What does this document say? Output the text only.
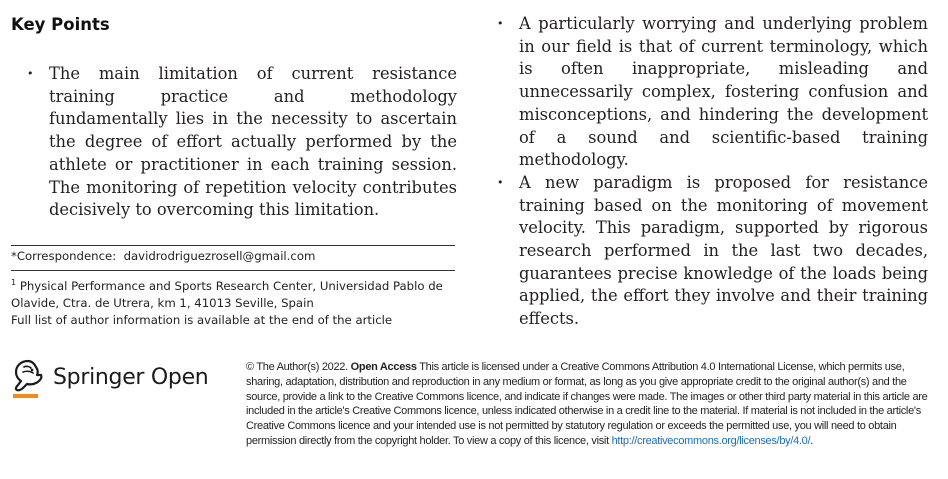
Key Points
• The main limitation of current resistance training practice and methodology fundamentally lies in the necessity to ascertain the degree of effort actually performed by the athlete or practitioner in each training session. The monitoring of repetition velocity contributes decisively to overcoming this limitation.
• A particularly worrying and underlying problem in our field is that of current terminology, which is often inappropriate, misleading and unnecessarily complex, fostering confusion and misconceptions, and hindering the development of a sound and scientific-based training methodology.
• A new paradigm is proposed for resistance training based on the monitoring of movement velocity. This paradigm, supported by rigorous research performed in the last two decades, guarantees precise knowledge of the loads being applied, the effort they involve and their training effects.
*Correspondence: davidrodriguezrosell@gmail.com
$^1$ Physical Performance and Sports Research Center, Universidad Pablo de Olavide, Ctra. de Utrera, km 1, 41013 Seville, Spain
Full list of author information is available at the end of the article
Springer Open	© The Author(s) 2022. Open Access This article is licensed under a Creative Commons Attribution 4.0 International License, which permits use, sharing, adaptation, distribution and reproduction in any medium or format, as long as you give appropriate credit to the original author(s) and the source, provide a link to the Creative Commons licence, and indicate if changes were made. The images or other third party material in this article are included in the article's Creative Commons licence, unless indicated otherwise in a credit line to the material. If material is not included in the article's Creative Commons licence and your intended use is not permitted by statutory regulation or exceeds the permitted use, you will need to obtain permission directly from the copyright holder. To view a copy of this licence, visit http://creativecommons.org/licenses/by/4.0/.
